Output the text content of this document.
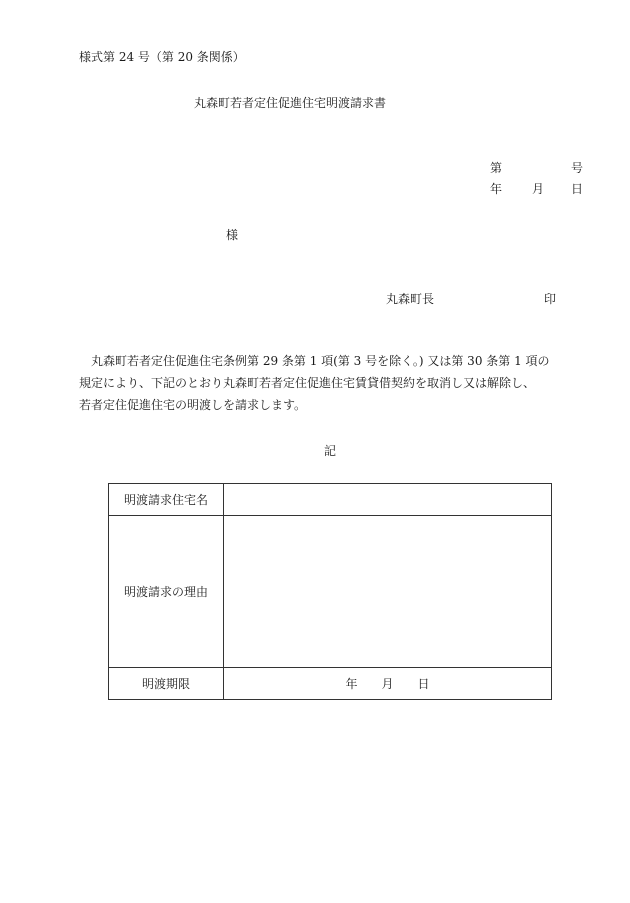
様式第 24 号（第 20 条関係）
丸森町若者定住促進住宅明渡請求書
第	号
年 月 日
様
丸森町長	印

丸森町若者定住促進住宅条例第 29 条第 1 項(第 3 号を除く。) 又は第 30 条第 1 項の

規定により、下記のとおり丸森町若者定住促進住宅賃貸借契約を取消し又は解除し、

若者定住促進住宅の明渡しを請求します。

記
明渡請求住宅名	
明渡請求の理由	
明渡期限	年 月 日
